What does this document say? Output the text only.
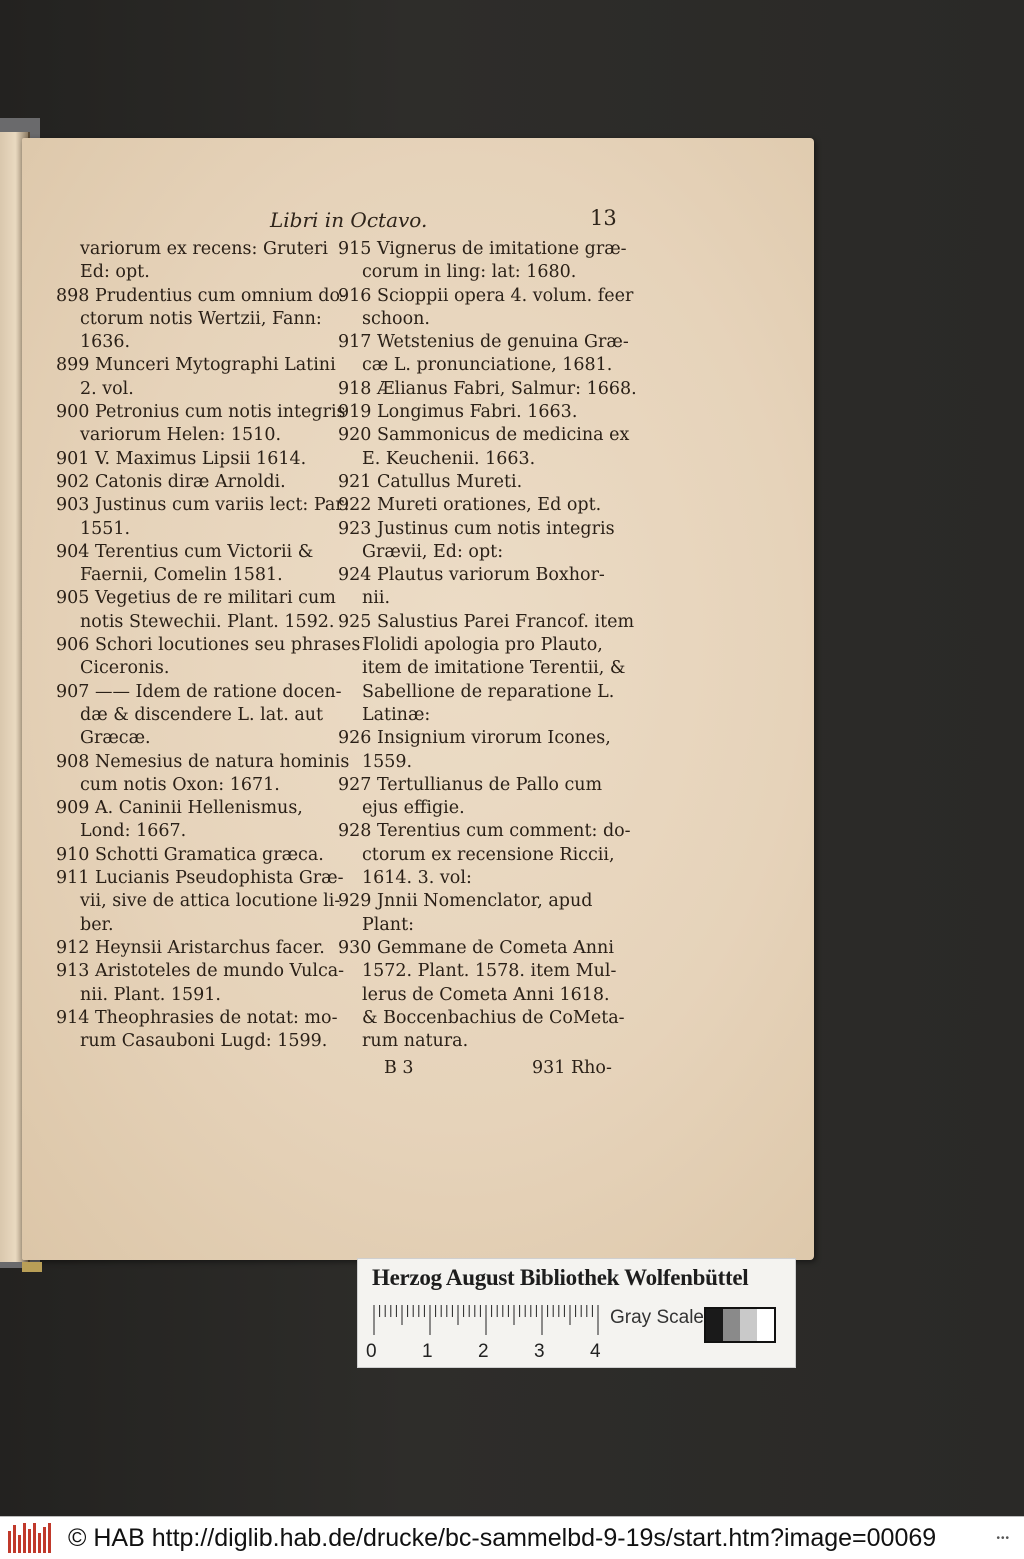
Libri in Octavo.	13
variorum ex recens: Gruteri
Ed: opt.
898 Prudentius cum omnium do-
ctorum notis Wertzii, Fann:
1636.
899 Munceri Mytographi Latini
2. vol.
900 Petronius cum notis integris
variorum Helen: 1510.
901 V. Maximus Lipsii 1614.
902 Catonis diræ Arnoldi.
903 Justinus cum variis lect: Par:
1551.
904 Terentius cum Victorii &
Faernii, Comelin 1581.
905 Vegetius de re militari cum
notis Stewechii. Plant. 1592.
906 Schori locutiones seu phrases
Ciceronis.
907 —— Idem de ratione docen-
dæ & discendere L. lat. aut
Græcæ.
908 Nemesius de natura hominis
cum notis Oxon: 1671.
909 A. Caninii Hellenismus,
Lond: 1667.
910 Schotti Gramatica græca.
911 Lucianis Pseudophista Græ-
vii, sive de attica locutione li-
ber.
912 Heynsii Aristarchus facer.
913 Aristoteles de mundo Vulca-
nii. Plant. 1591.
914 Theophrasies de notat: mo-
rum Casauboni Lugd: 1599.
915 Vignerus de imitatione græ-
corum in ling: lat: 1680.
916 Scioppii opera 4. volum. feer
schoon.
917 Wetstenius de genuina Græ-
cæ L. pronunciatione, 1681.
918 Ælianus Fabri, Salmur: 1668.
919 Longimus Fabri. 1663.
920 Sammonicus de medicina ex
E. Keuchenii. 1663.
921 Catullus Mureti.
922 Mureti orationes, Ed opt.
923 Justinus cum notis integris
Grævii, Ed: opt:
924 Plautus variorum Boxhor-
nii.
925 Salustius Parei Francof. item
Flolidi apologia pro Plauto,
item de imitatione Terentii, &
Sabellione de reparatione L.
Latinæ:
926 Insignium virorum Icones,
1559.
927 Tertullianus de Pallo cum
ejus effigie.
928 Terentius cum comment: do-
ctorum ex recensione Riccii,
1614. 3. vol:
929 Jnnii Nomenclator, apud
Plant:
930 Gemmane de Cometa Anni
1572. Plant. 1578. item Mul-
lerus de Cometa Anni 1618.
& Boccenbachius de CoMeta-
rum natura.
B 3	931 Rho-
Herzog August Bibliothek Wolfenbüttel
0 1 2 3 4
Gray Scale
© HAB http://diglib.hab.de/drucke/bc-sammelbd-9-19s/start.htm?image=00069	•••
